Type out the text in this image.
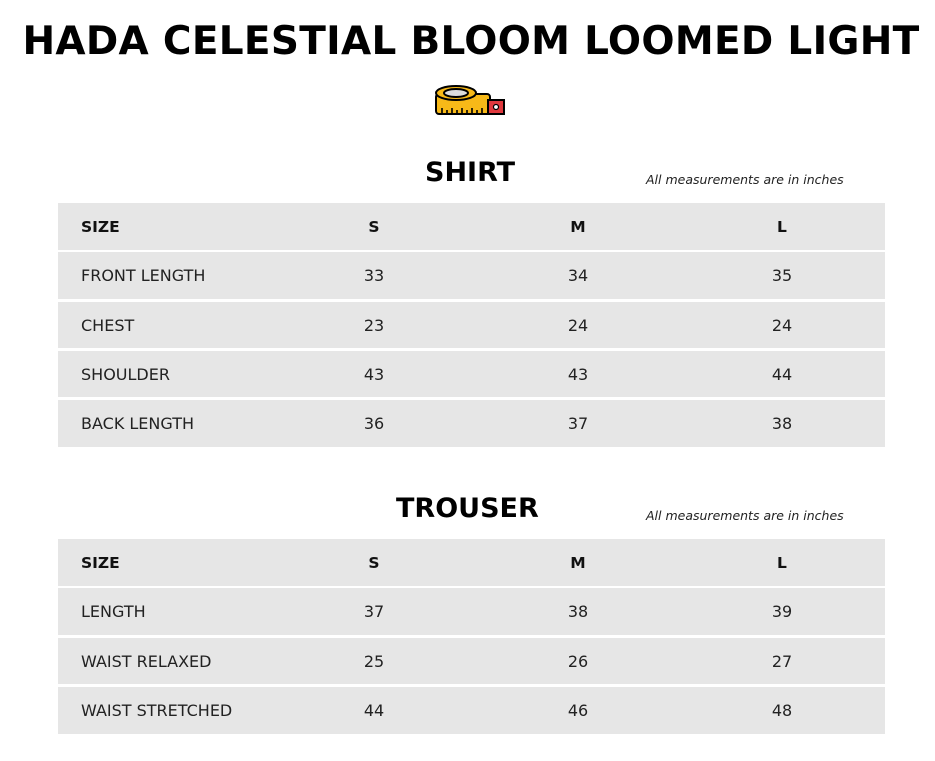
HADA CELESTIAL BLOOM LOOMED LIGHT
SHIRT	All measurements are in inches
SIZE	S	M	L
FRONT LENGTH	33	34	35
CHEST	23	24	24
SHOULDER	43	43	44
BACK LENGTH	36	37	38
TROUSER	All measurements are in inches
SIZE	S	M	L
LENGTH	37	38	39
WAIST RELAXED	25	26	27
WAIST STRETCHED	44	46	48
